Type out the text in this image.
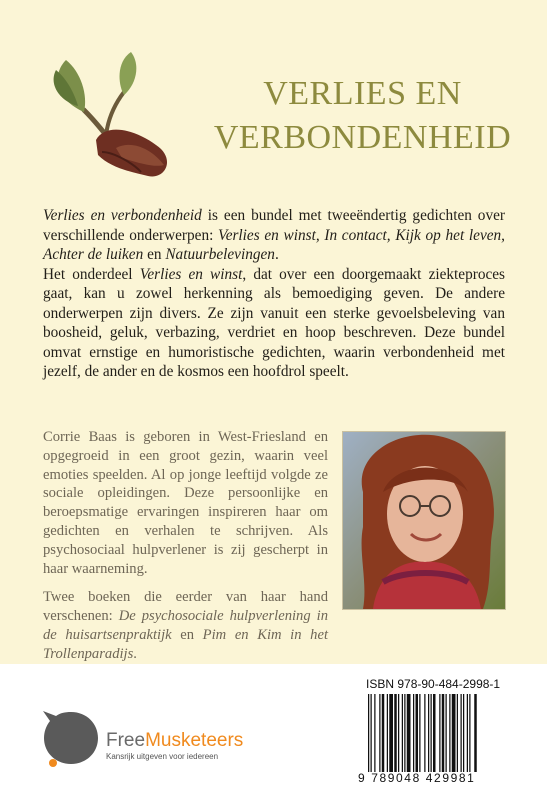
VERLIES EN
VERBONDENHEID

Verlies en verbondenheid is een bundel met tweeëndertig gedichten over verschillende onderwerpen: Verlies en winst, In contact, Kijk op het leven, Achter de luiken en Natuurbelevingen.

Het onderdeel Verlies en winst, dat over een doorgemaakt ziekteproces gaat, kan u zowel herkenning als bemoediging geven. De andere onderwerpen zijn divers. Ze zijn vanuit een sterke gevoelsbeleving van boosheid, geluk, verbazing, verdriet en hoop beschreven. Deze bundel omvat ernstige en humoristische gedichten, waarin verbondenheid met jezelf, de ander en de kosmos een hoofdrol speelt.

Corrie Baas is geboren in West-Friesland en opgegroeid in een groot gezin, waarin veel emoties speelden. Al op jonge leeftijd volgde ze sociale opleidingen. Deze persoonlijke en beroepsmatige ervaringen inspireren haar om gedichten en verhalen te schrijven. Als psychosociaal hulpverlener is zij gescherpt in haar waarneming.

Twee boeken die eerder van haar hand verschenen: De psychosociale hulpverlening in de huisartsenpraktijk en Pim en Kim in het Trollenparadijs.

FreeMusketeers
Kansrijk uitgeven voor iedereen
ISBN 978-90-484-2998-1
9 789048 429981
